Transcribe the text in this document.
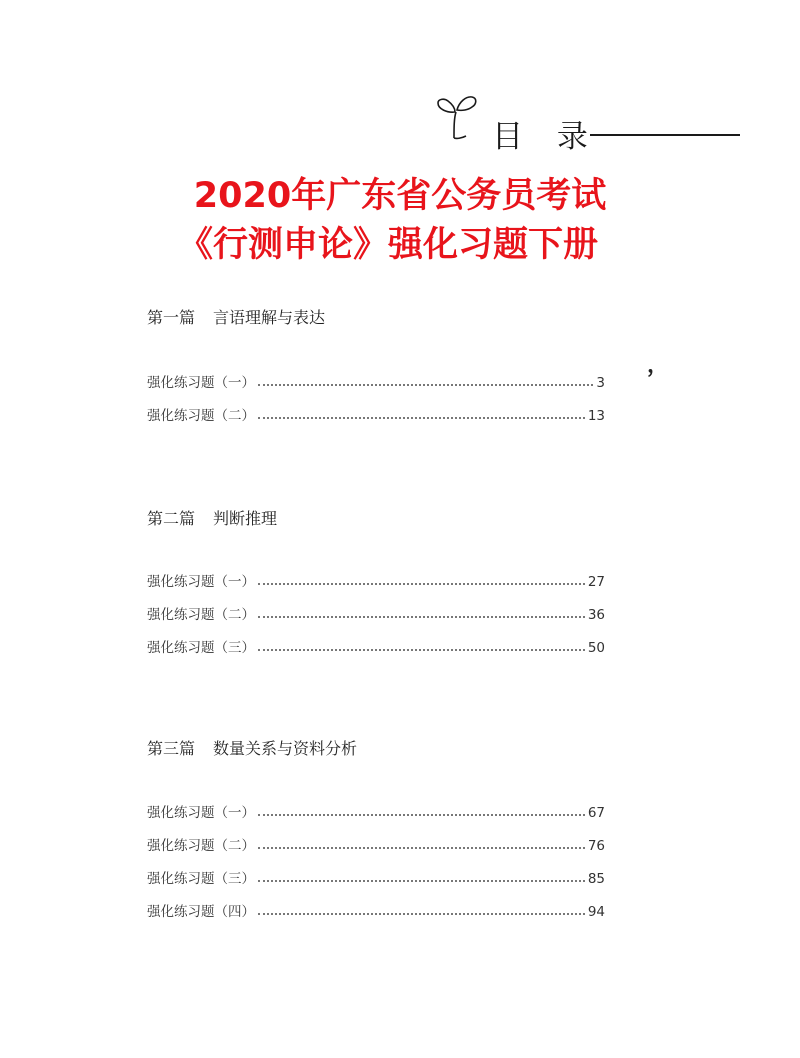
目 录
2020年广东省公务员考试
《行测申论》强化习题下册
，
第一篇 言语理解与表达
强化练习题（一）	3
强化练习题（二）	13
第二篇 判断推理
强化练习题（一）	27
强化练习题（二）	36
强化练习题（三）	50
第三篇 数量关系与资料分析
强化练习题（一）	67
强化练习题（二）	76
强化练习题（三）	85
强化练习题（四）	94
